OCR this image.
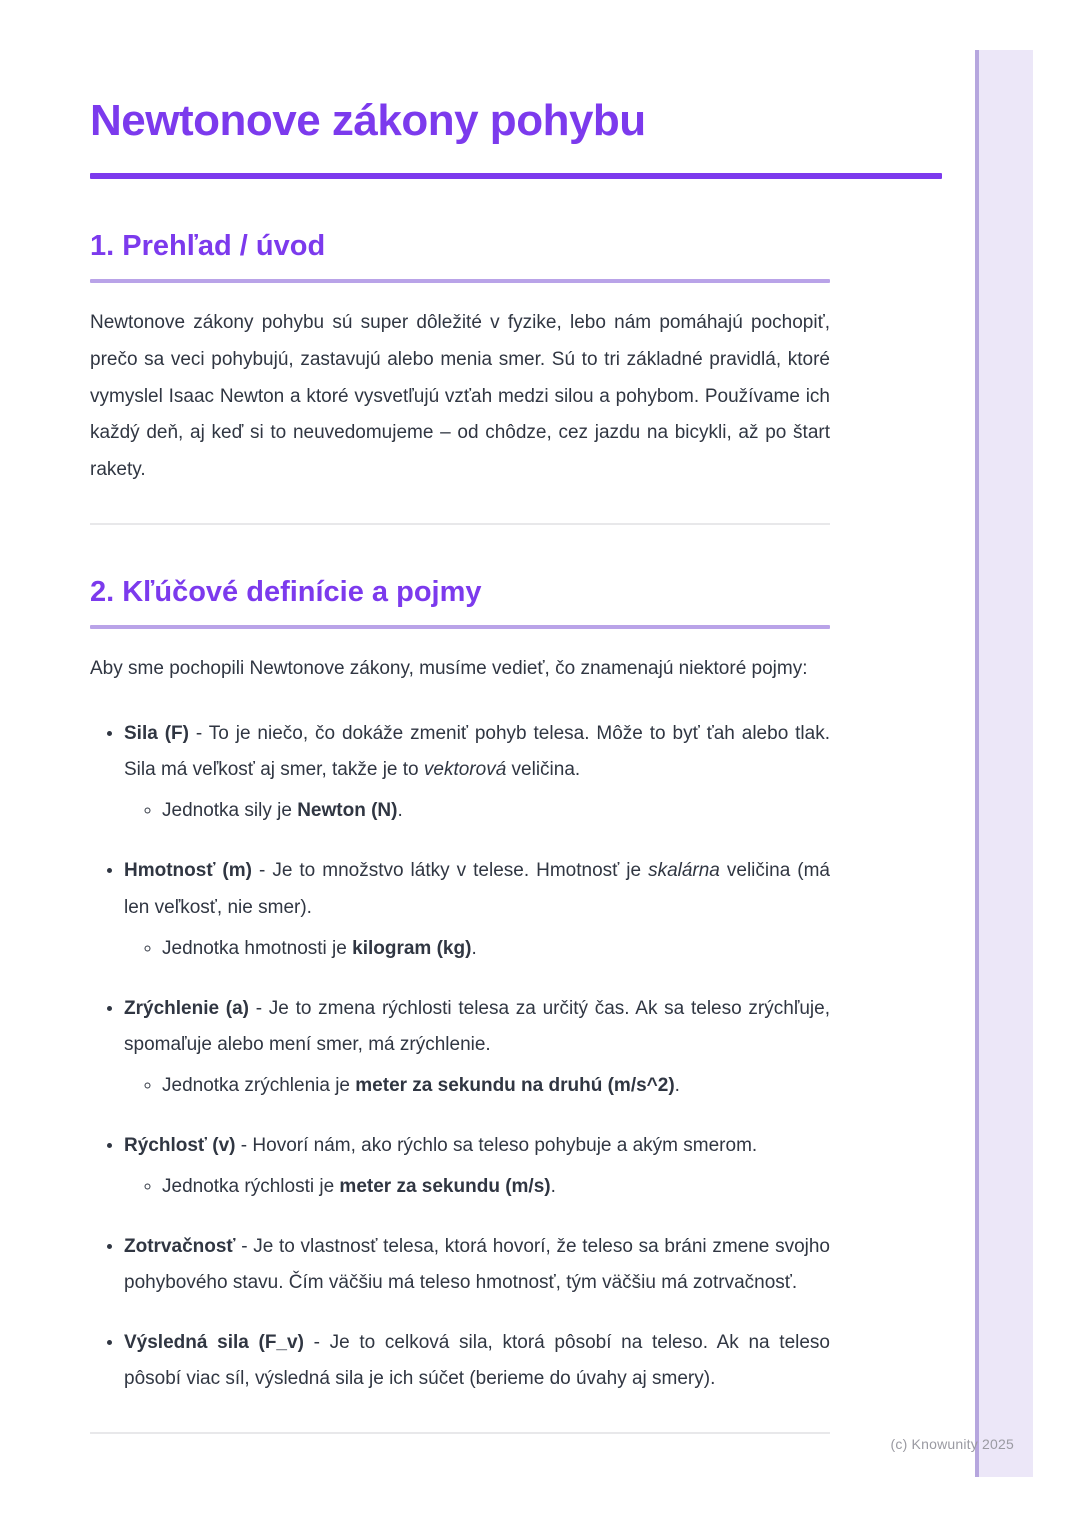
Newtonove zákony pohybu
1. Prehľad / úvod

Newtonove zákony pohybu sú super dôležité v fyzike, lebo nám pomáhajú pochopiť, prečo sa veci pohybujú, zastavujú alebo menia smer. Sú to tri základné pravidlá, ktoré vymyslel Isaac Newton a ktoré vysvetľujú vzťah medzi silou a pohybom. Používame ich každý deň, aj keď si to neuvedomujeme – od chôdze, cez jazdu na bicykli, až po štart rakety.

2. Kľúčové definície a pojmy

Aby sme pochopili Newtonove zákony, musíme vedieť, čo znamenajú niektoré pojmy:

• Sila (F) - To je niečo, čo dokáže zmeniť pohyb telesa. Môže to byť ťah alebo tlak. Sila má veľkosť aj smer, takže je to vektorová veličina.
◦ Jednotka sily je Newton (N).
• Hmotnosť (m) - Je to množstvo látky v telese. Hmotnosť je skalárna veličina (má len veľkosť, nie smer).
◦ Jednotka hmotnosti je kilogram (kg).
• Zrýchlenie (a) - Je to zmena rýchlosti telesa za určitý čas. Ak sa teleso zrýchľuje, spomaľuje alebo mení smer, má zrýchlenie.
◦ Jednotka zrýchlenia je meter za sekundu na druhú (m/s^2).
• Rýchlosť (v) - Hovorí nám, ako rýchlo sa teleso pohybuje a akým smerom.
◦ Jednotka rýchlosti je meter za sekundu (m/s).
• Zotrvačnosť - Je to vlastnosť telesa, ktorá hovorí, že teleso sa bráni zmene svojho pohybového stavu. Čím väčšiu má teleso hmotnosť, tým väčšiu má zotrvačnosť.
• Výsledná sila (F_v) - Je to celková sila, ktorá pôsobí na teleso. Ak na teleso pôsobí viac síl, výsledná sila je ich súčet (berieme do úvahy aj smery).
(c) Knowunity 2025
